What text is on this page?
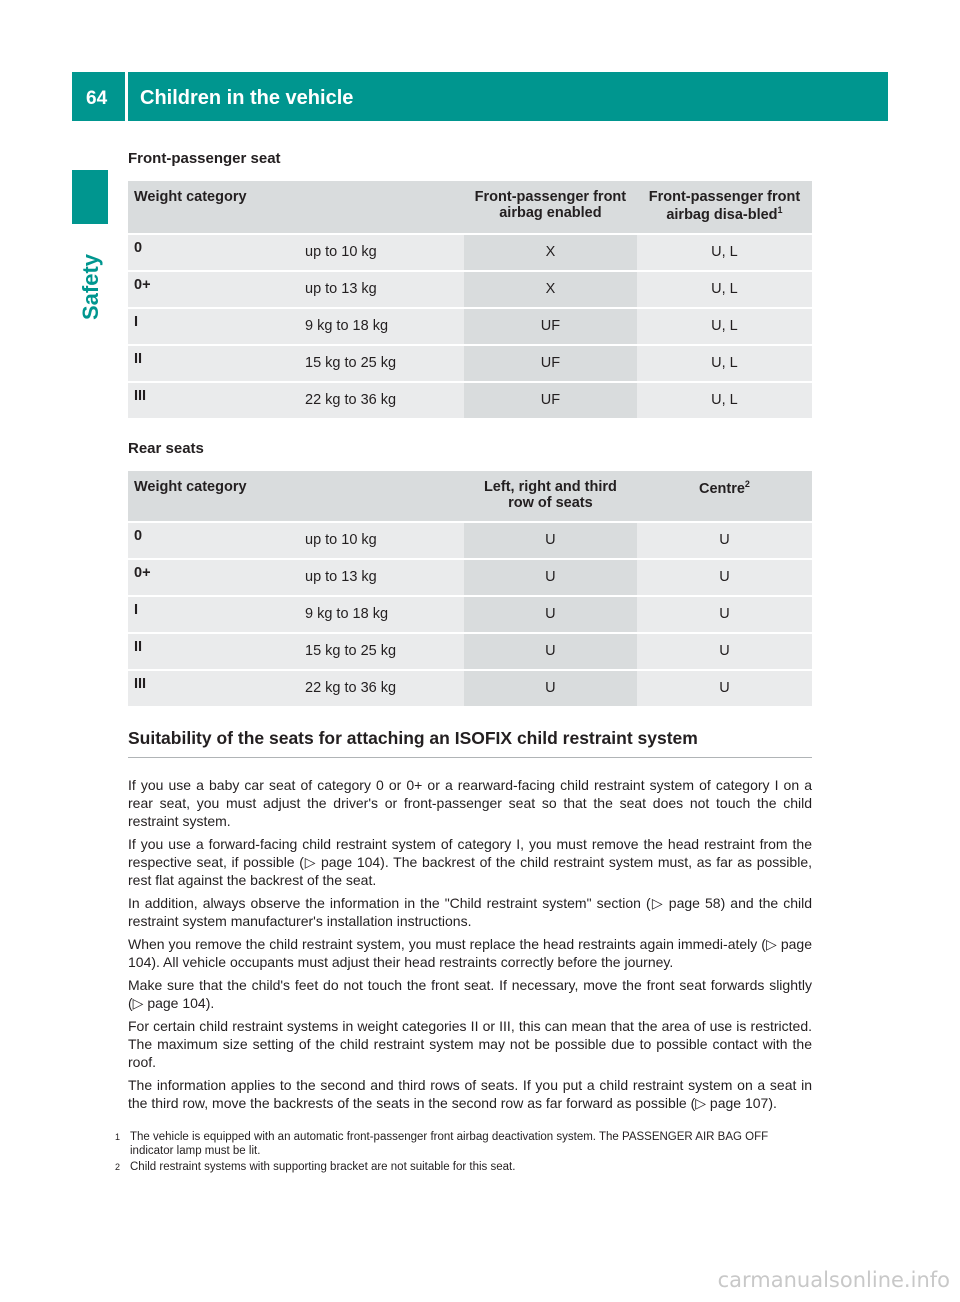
64 Children in the vehicle
Safety
Front-passenger seat
Weight category		Front-passenger front airbag enabled	Front-passenger front airbag disa-bled$^1$
0	up to 10 kg	X	U, L
0+	up to 13 kg	X	U, L
I	9 kg to 18 kg	UF	U, L
II	15 kg to 25 kg	UF	U, L
III	22 kg to 36 kg	UF	U, L
Rear seats
Weight category		Left, right and third row of seats	Centre$^2$
0	up to 10 kg	U	U
0+	up to 13 kg	U	U
I	9 kg to 18 kg	U	U
II	15 kg to 25 kg	U	U
III	22 kg to 36 kg	U	U
Suitability of the seats for attaching an ISOFIX child restraint system

If you use a baby car seat of category 0 or 0+ or a rearward-facing child restraint system of category I on a rear seat, you must adjust the driver's or front-passenger seat so that the seat does not touch the child restraint system.

If you use a forward-facing child restraint system of category I, you must remove the head restraint from the respective seat, if possible (▷ page 104). The backrest of the child restraint system must, as far as possible, rest flat against the backrest of the seat.

In addition, always observe the information in the "Child restraint system" section (▷ page 58) and the child restraint system manufacturer's installation instructions.

When you remove the child restraint system, you must replace the head restraints again immedi-ately (▷ page 104). All vehicle occupants must adjust their head restraints correctly before the journey.

Make sure that the child's feet do not touch the front seat. If necessary, move the front seat forwards slightly (▷ page 104).

For certain child restraint systems in weight categories II or III, this can mean that the area of use is restricted. The maximum size setting of the child restraint system may not be possible due to possible contact with the roof.

The information applies to the second and third rows of seats. If you put a child restraint system on a seat in the third row, move the backrests of the seats in the second row as far forward as possible (▷ page 107).

1 The vehicle is equipped with an automatic front-passenger front airbag deactivation system. The PASSENGER AIR BAG OFF indicator lamp must be lit.
2 Child restraint systems with supporting bracket are not suitable for this seat.
carmanualsonline.info
